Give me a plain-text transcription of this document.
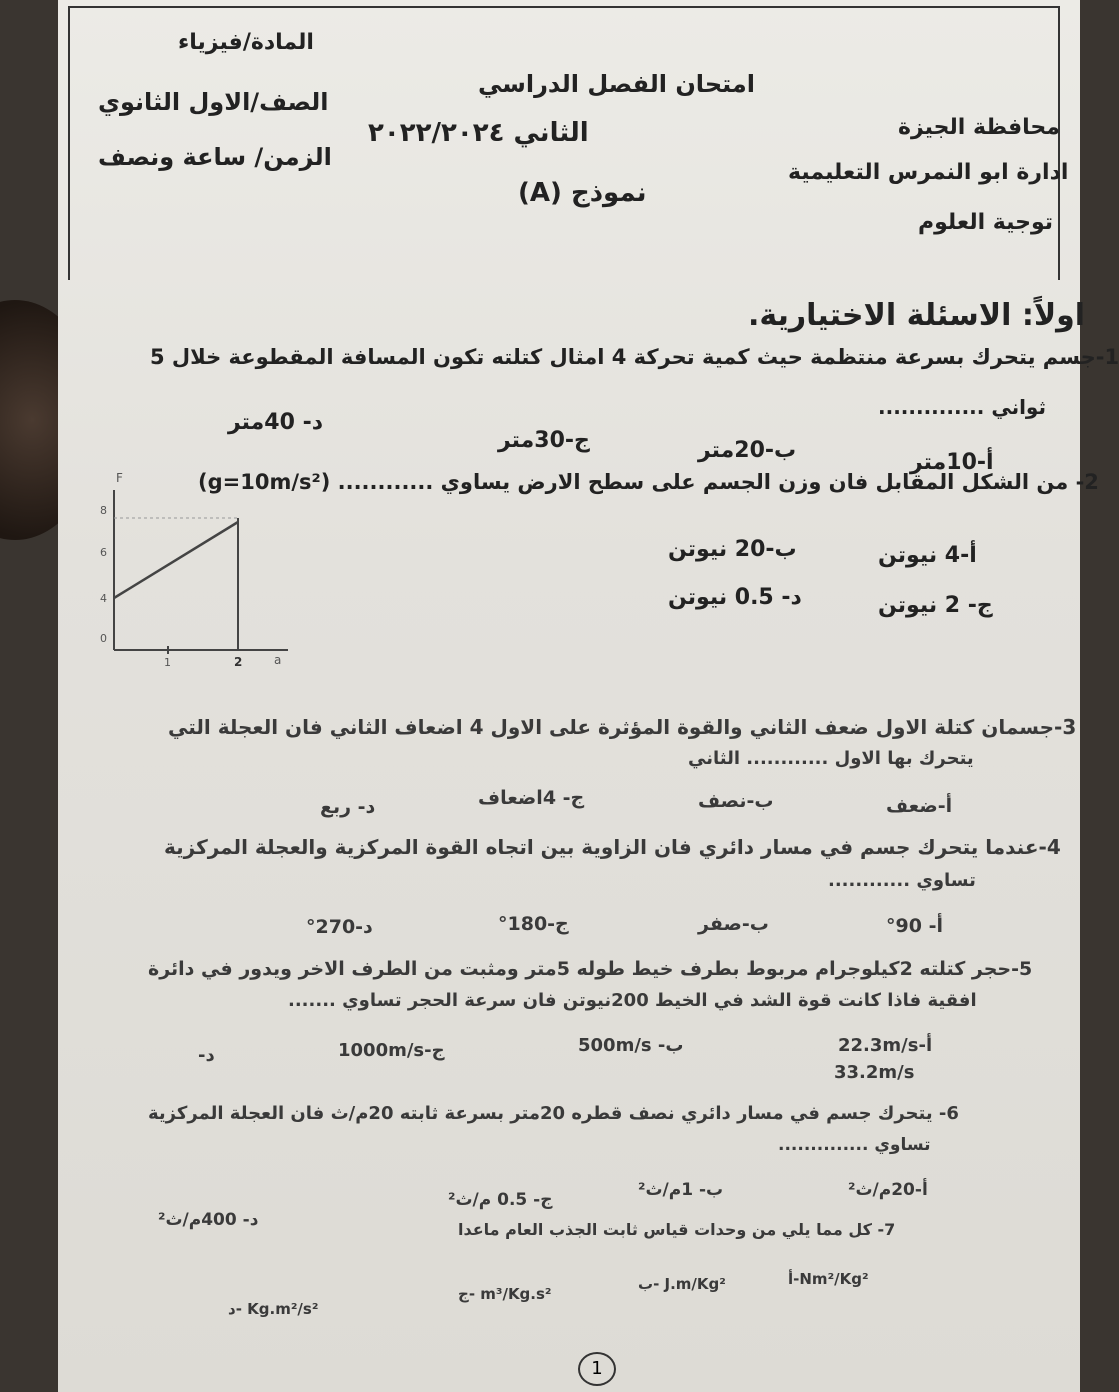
المادة/فيزياء
الصف/الاول الثانوي
الزمن/ ساعة ونصف
امتحان الفصل الدراسي
الثاني ٢٠٢٢/٢٠٢٤
نموذج (A)
محافظة الجيزة
ادارة ابو النمرس التعليمية
توجية العلوم
اولاً: الاسئلة الاختيارية.
1-جسم يتحرك بسرعة منتظمة حيث كمية تحركة 4 امثال كتلته تكون المسافة المقطوعة خلال 5
ثواني ..............
أ-10متر
ب-20متر
ج-30متر
د- 40متر
2- من الشكل المقابل فان وزن الجسم على سطح الارض يساوي ............ (g=10m/s²)
أ-4 نيوتن
ب-20 نيوتن
ج- 2 نيوتن
د- 0.5 نيوتن
F
a
8
6
4
0
1	2
3-جسمان كتلة الاول ضعف الثاني والقوة المؤثرة على الاول 4 اضعاف الثاني فان العجلة التي
يتحرك بها الاول ............ الثاني
أ-ضعف
ب-نصف
ج- 4اضعاف
د- ربع
4-عندما يتحرك جسم في مسار دائري فان الزاوية بين اتجاه القوة المركزية والعجلة المركزية
تساوي ............
أ- 90°
ب-صفر
ج-180°
د-270°
5-حجر كتلته 2كيلوجرام مربوط بطرف خيط طوله 5متر ومثبت من الطرف الاخر ويدور في دائرة
افقية فاذا كانت قوة الشد في الخيط 200نيوتن فان سرعة الحجر تساوي .......
أ-22.3m/s
ب- 500m/s
ج-1000m/s
د-
33.2m/s
6- يتحرك جسم في مسار دائري نصف قطره 20متر بسرعة ثابته 20م/ث فان العجلة المركزية
تساوي ..............
أ-20م/ث²
ب- 1م/ث²
ج- 0.5 م/ث²
د- 400م/ث²	7- كل مما يلي من وحدات قياس ثابت الجذب العام ماعدا
أ-Nm²/Kg²
ب- J.m/Kg²
ج- m³/Kg.s²
د- Kg.m²/s²
1
